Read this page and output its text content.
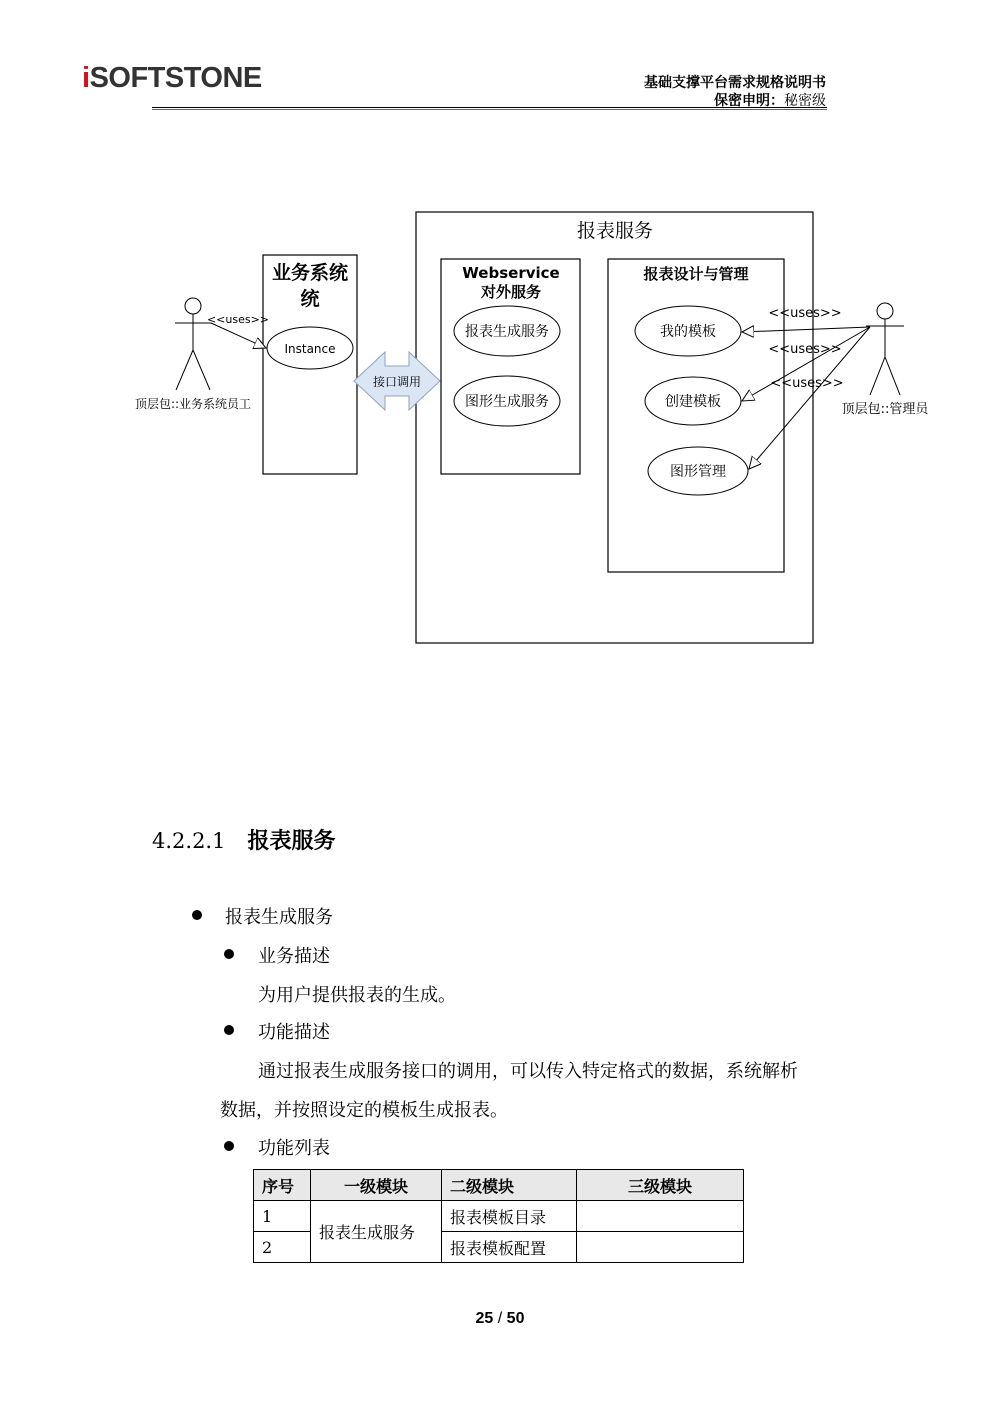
iSOFTSTONE	基础支撑平台需求规格说明书
保密申明：秘密级
报表服务
业务系统
统
Instance
顶层包::业务系统员工
<<uses>>
接口调用
Webservice
对外服务
报表生成服务
图形生成服务
报表设计与管理
我的模板
创建模板
图形管理
顶层包::管理员
<<uses>>
<<uses>>
<<uses>>
4.2.2.1 报表服务
报表生成服务
业务描述
为用户提供报表的生成。
功能描述
通过报表生成服务接口的调用，可以传入特定格式的数据，系统解析
数据，并按照设定的模板生成报表。
功能列表
序号	一级模块	二级模块	三级模块
1	报表生成服务	报表模板目录	
2		报表模板配置	
25 / 50
